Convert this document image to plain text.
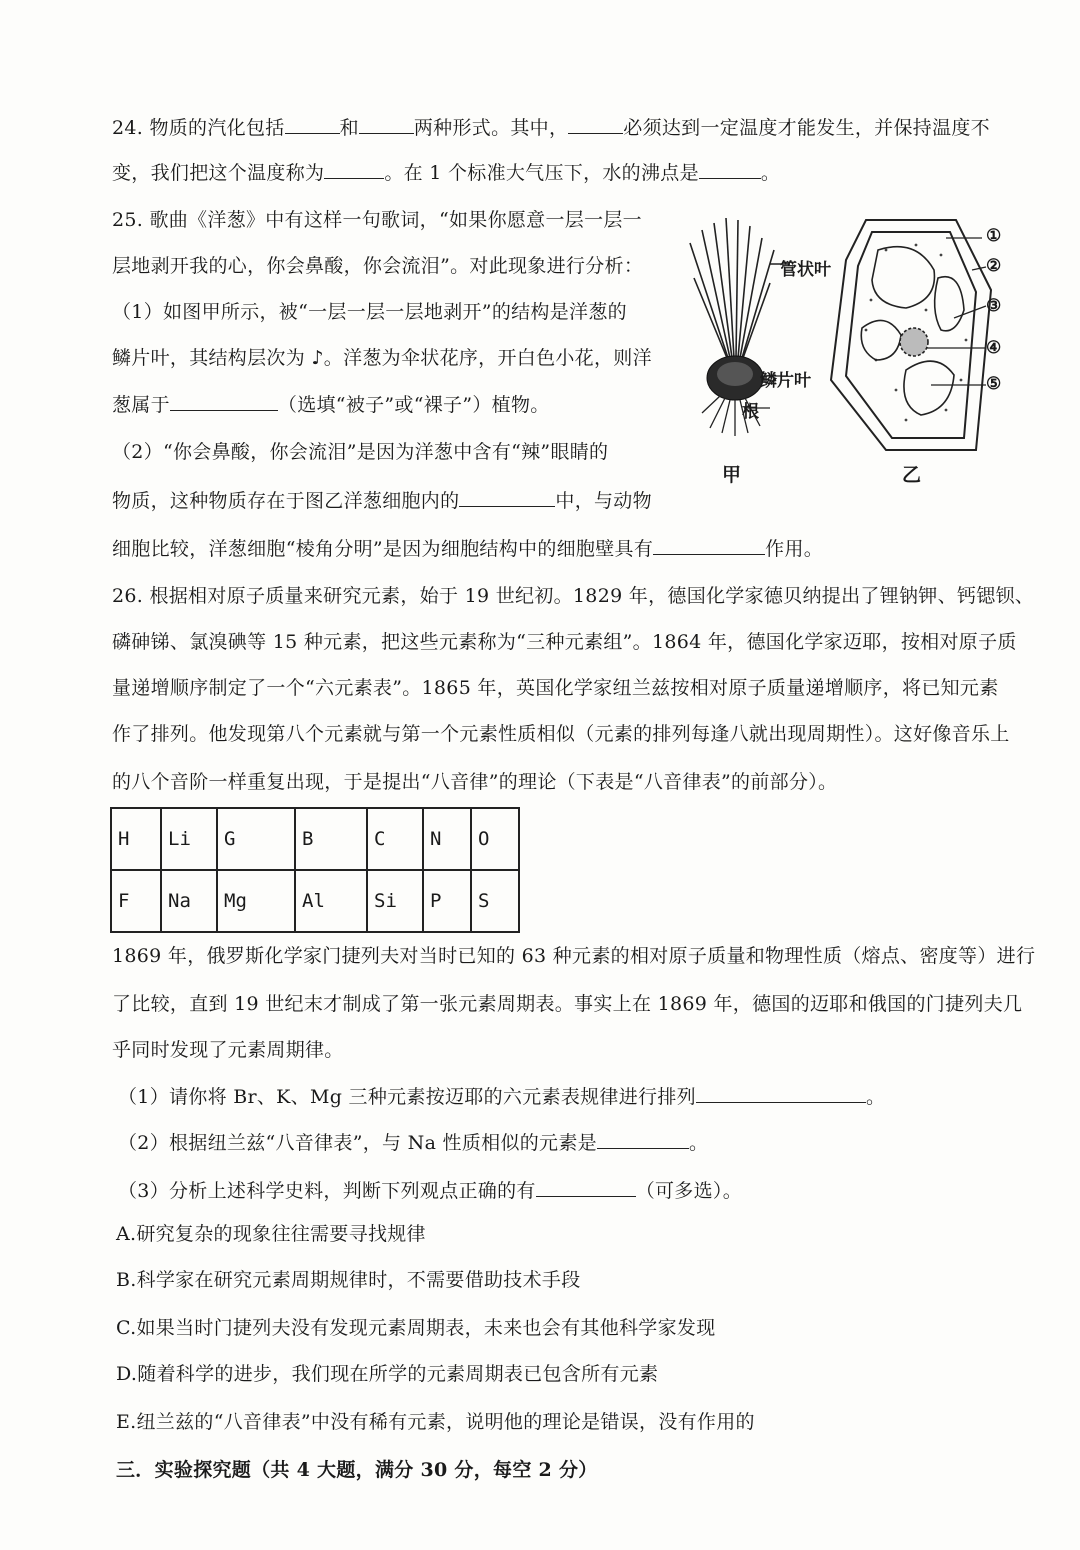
24. 物质的汽化包括	和	两种形式。其中，	必须达到一定温度才能发生，并保持温度不
变，我们把这个温度称为	。在 1 个标准大气压下，水的沸点是	。
25. 歌曲《洋葱》中有这样一句歌词，“如果你愿意一层一层一
层地剥开我的心，你会鼻酸，你会流泪”。对此现象进行分析：
（1）如图甲所示，被“一层一层一层地剥开”的结构是洋葱的
鳞片叶，其结构层次为 ♪。洋葱为伞状花序，开白色小花，则洋
葱属于	（选填“被子”或“裸子”）植物。
（2）“你会鼻酸，你会流泪”是因为洋葱中含有“辣”眼睛的
物质，这种物质存在于图乙洋葱细胞内的	中，与动物
细胞比较，洋葱细胞“棱角分明”是因为细胞结构中的细胞壁具有	作用。
管状叶
鳞片叶
根
甲
①
②
③
④
⑤
乙
26. 根据相对原子质量来研究元素，始于 19 世纪初。1829 年，德国化学家德贝纳提出了锂钠钾、钙锶钡、
磷砷锑、氯溴碘等 15 种元素，把这些元素称为“三种元素组”。1864 年，德国化学家迈耶，按相对原子质
量递增顺序制定了一个“六元素表”。1865 年，英国化学家纽兰兹按相对原子质量递增顺序，将已知元素
作了排列。他发现第八个元素就与第一个元素性质相似（元素的排列每逢八就出现周期性）。这好像音乐上
的八个音阶一样重复出现，于是提出“八音律”的理论（下表是“八音律表”的前部分）。
H	Li	G	B	C	N	O
F	Na	Mg	Al	Si	P	S
1869 年，俄罗斯化学家门捷列夫对当时已知的 63 种元素的相对原子质量和物理性质（熔点、密度等）进行
了比较，直到 19 世纪末才制成了第一张元素周期表。事实上在 1869 年，德国的迈耶和俄国的门捷列夫几
乎同时发现了元素周期律。
（1）请你将 Br、K、Mg 三种元素按迈耶的六元素表规律进行排列	。
（2）根据纽兰兹“八音律表”，与 Na 性质相似的元素是	。
（3）分析上述科学史料，判断下列观点正确的有	（可多选）。
A.研究复杂的现象往往需要寻找规律
B.科学家在研究元素周期规律时，不需要借助技术手段
C.如果当时门捷列夫没有发现元素周期表，未来也会有其他科学家发现
D.随着科学的进步，我们现在所学的元素周期表已包含所有元素
E.纽兰兹的“八音律表”中没有稀有元素，说明他的理论是错误，没有作用的
三．实验探究题（共 4 大题，满分 30 分，每空 2 分）
